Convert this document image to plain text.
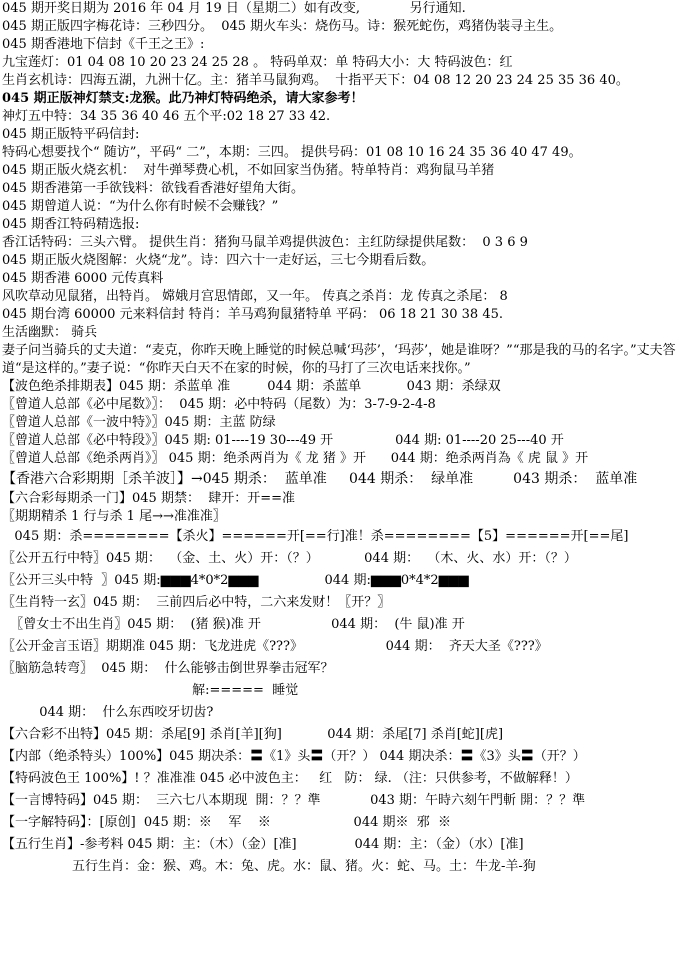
045 期开奖日期为 2016 年 04 月 19 日（星期二）如有改变,            另行通知.
045 期正版四字梅花诗：三秒四分。  045 期火车头：烧伤马。诗：猴死蛇伤，鸡猪伪装寻主生。
045 期香港地下信封《千王之王》:
九宝莲灯：01 04 08 10 20 23 24 25 28 。 特码单双：单 特码大小：大 特码波色：红
生肖玄机诗：四海五湖，九洲十亿。主：猪羊马鼠狗鸡。  十指平天下：04 08 12 20 23 24 25 35 36 40。
045 期正版神灯禁支:龙猴。此乃神灯特码绝杀，请大家参考！
神灯五中特：34 35 36 40 46 五个平:02 18 27 33 42.
045 期正版特平码信封:
特码心想要找个“ 随访”，平码“ 二”，本期：三四。 提供号码：01 08 10 16 24 35 36 40 47 49。
045 期正版火烧玄机：  对牛弹琴费心机，不如回家当伪猪。特单特肖：鸡狗鼠马羊猪
045 期香港第一手欲钱料：欲钱看香港好望角大街。
045 期曾道人说：“为什么你有时候不会赚钱？”
045 期香江特码精选报:
香江话特码：三头六臂。 提供生肖：猪狗马鼠羊鸡提供波色：主红防绿提供尾数：  0 3 6 9
045 期正版火烧图解：火烧“龙”。诗：四六十一走好运，三七今期看后数。
045 期香港 6000 元传真料
风吹草动见鼠猪，出特肖。 嫦娥月宫思情郎，又一年。 传真之杀肖：龙 传真之杀尾： 8
045 期台湾 60000 元来料信封 特肖：羊马鸡狗鼠猪特单 平码： 06 18 21 30 38 45.
生活幽默： 骑兵
妻子问当骑兵的丈夫道：“麦克，你昨天晚上睡觉的时候总喊‘玛莎’，‘玛莎’，她是谁呀？”“那是我的马的名字。”丈夫答道“是这样的。”妻子说：“你昨天白天不在家的时候，你的马打了三次电话来找你。”
【波色绝杀排期表】045 期：杀蓝单 准         044 期：杀蓝单           043 期：杀绿双
〖曾道人总部《必中尾数》〗：  045 期：必中特码（尾数）为：3-7-9-2-4-8
〖曾道人总部《一波中特》〗045 期：主蓝 防绿
〖曾道人总部《必中特段》〗045 期: 01----19 30---49 开               044 期: 01----20 25---40 开
〖曾道人总部《绝杀两肖》〗 045 期：绝杀两肖为《 龙 猪 》开      044 期：绝杀两肖為《 虎 鼠 》开
【香港六合彩期期［杀羊波］】→045 期杀：  蓝单准     044 期杀：  绿单准         043 期杀：  蓝单准
【六合彩每期杀一门】045 期禁：  肆开：开==准
〖期期精杀 1 行与杀 1 尾→→准准准〗
045 期：杀========【杀火】======开[==行]准！杀========【5】======开[==尾]
〖公开五行中特〗045 期：  （金、土、火）开：（？）           044 期：  （木、火、水）开：（？）
〖公开三头中特  〗045 期:▆▆▆4*0*2▆▆▆                044 期:▆▆▆0*4*2▆▆▆
〖生肖特一玄〗045 期：  三前四后必中特，二六来发财！〖开？〗
〖曾女士不出生肖〗045 期：  (猪 猴)准 开                 044 期：  (牛 鼠)准 开
〖公开金言玉语〗期期准 045 期：飞龙进虎《???》                    044 期：  齐天大圣《???》
〖脑筋急转弯〗  045 期：  什么能够击倒世界拳击冠军？
解:=====  睡觉
044 期：  什么东西咬牙切齿?
【六合彩不出特】045 期：杀尾[9] 杀肖[羊][狗]           044 期：杀尾[7] 杀肖[蛇][虎]
【内部（绝杀特头）100%】045 期决杀：〓《1》头〓（开？） 044 期决杀：〓《3》头〓（开？）
【特码波色王 100%】! ？准准准 045 必中波色主：   红   防： 绿. （注：只供参考，不做解释！）
【一言博特码】045 期：  三六七八本期现  開：？？準            043 期：午時六刻午門斬 開：？？準
【一字解特码】：[原创]  045 期：※    军    ※                    044 期※  邪  ※
【五行生肖】-参考料 045 期：主：（木）（金）[准]              044 期：主：（金）（水）[准]
五行生肖：金：猴、鸡。木：兔、虎。水：鼠、猪。火：蛇、马。土：牛龙-羊-狗
